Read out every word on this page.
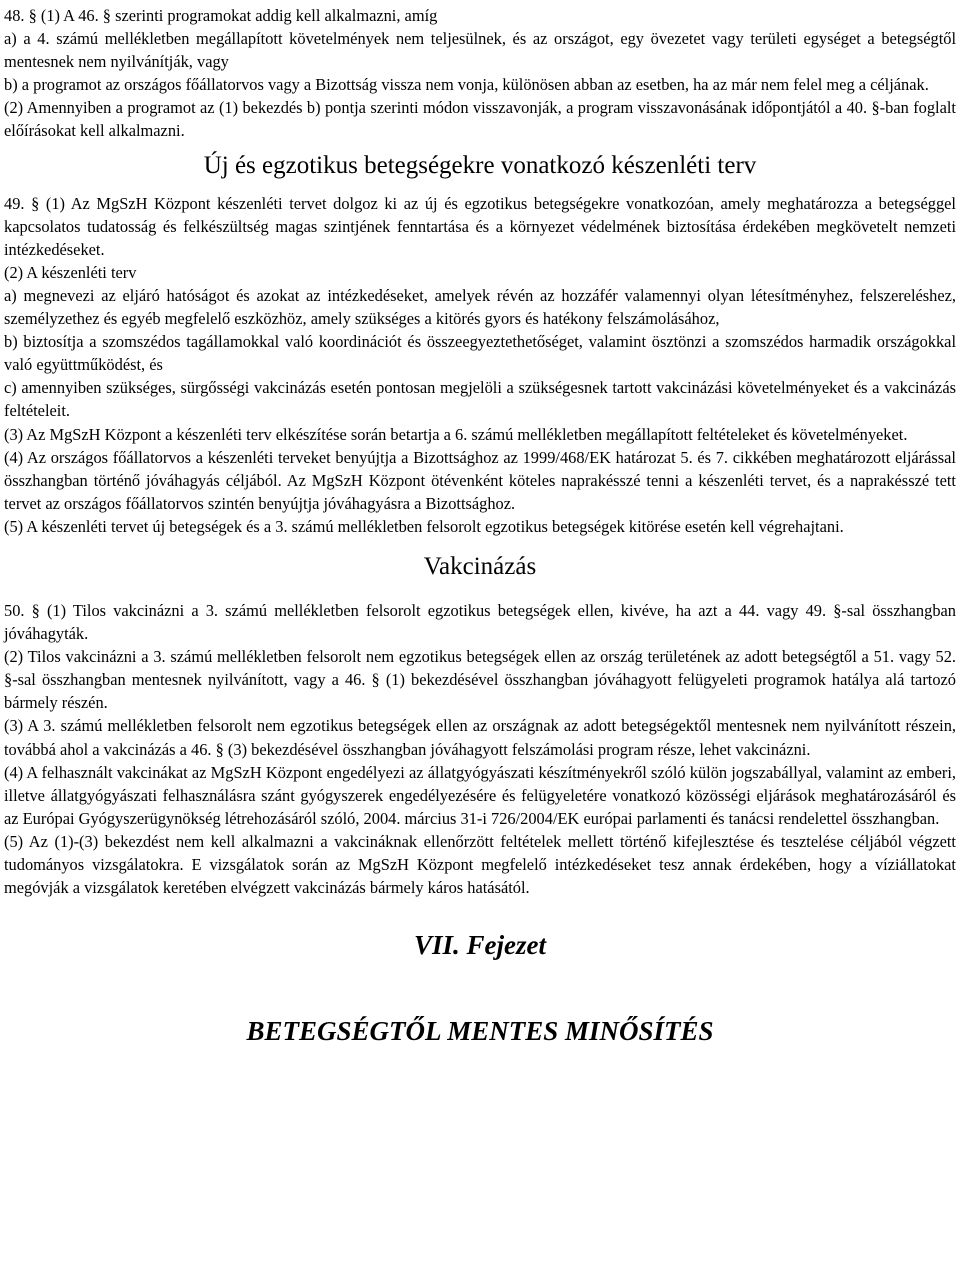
48. § (1) A 46. § szerinti programokat addig kell alkalmazni, amíg

a) a 4. számú mellékletben megállapított követelmények nem teljesülnek, és az országot, egy övezetet vagy területi egységet a betegségtől mentesnek nem nyilvánítják, vagy

b) a programot az országos főállatorvos vagy a Bizottság vissza nem vonja, különösen abban az esetben, ha az már nem felel meg a céljának.

(2) Amennyiben a programot az (1) bekezdés b) pontja szerinti módon visszavonják, a program visszavonásának időpontjától a 40. §-ban foglalt előírásokat kell alkalmazni.

Új és egzotikus betegségekre vonatkozó készenléti terv

49. § (1) Az MgSzH Központ készenléti tervet dolgoz ki az új és egzotikus betegségekre vonatkozóan, amely meghatározza a betegséggel kapcsolatos tudatosság és felkészültség magas szintjének fenntartása és a környezet védelmének biztosítása érdekében megkövetelt nemzeti intézkedéseket.

(2) A készenléti terv

a) megnevezi az eljáró hatóságot és azokat az intézkedéseket, amelyek révén az hozzáfér valamennyi olyan létesítményhez, felszereléshez, személyzethez és egyéb megfelelő eszközhöz, amely szükséges a kitörés gyors és hatékony felszámolásához,

b) biztosítja a szomszédos tagállamokkal való koordinációt és összeegyeztethetőséget, valamint ösztönzi a szomszédos harmadik országokkal való együttműködést, és

c) amennyiben szükséges, sürgősségi vakcinázás esetén pontosan megjelöli a szükségesnek tartott vakcinázási követelményeket és a vakcinázás feltételeit.

(3) Az MgSzH Központ a készenléti terv elkészítése során betartja a 6. számú mellékletben megállapított feltételeket és követelményeket.

(4) Az országos főállatorvos a készenléti terveket benyújtja a Bizottsághoz az 1999/468/EK határozat 5. és 7. cikkében meghatározott eljárással összhangban történő jóváhagyás céljából. Az MgSzH Központ ötévenként köteles naprakésszé tenni a készenléti tervet, és a naprakésszé tett tervet az országos főállatorvos szintén benyújtja jóváhagyásra a Bizottsághoz.

(5) A készenléti tervet új betegségek és a 3. számú mellékletben felsorolt egzotikus betegségek kitörése esetén kell végrehajtani.

Vakcinázás

50. § (1) Tilos vakcinázni a 3. számú mellékletben felsorolt egzotikus betegségek ellen, kivéve, ha azt a 44. vagy 49. §-sal összhangban jóváhagyták.

(2) Tilos vakcinázni a 3. számú mellékletben felsorolt nem egzotikus betegségek ellen az ország területének az adott betegségtől a 51. vagy 52. §-sal összhangban mentesnek nyilvánított, vagy a 46. § (1) bekezdésével összhangban jóváhagyott felügyeleti programok hatálya alá tartozó bármely részén.

(3) A 3. számú mellékletben felsorolt nem egzotikus betegségek ellen az országnak az adott betegségektől mentesnek nem nyilvánított részein, továbbá ahol a vakcinázás a 46. § (3) bekezdésével összhangban jóváhagyott felszámolási program része, lehet vakcinázni.

(4) A felhasznált vakcinákat az MgSzH Központ engedélyezi az állatgyógyászati készítményekről szóló külön jogszabállyal, valamint az emberi, illetve állatgyógyászati felhasználásra szánt gyógyszerek engedélyezésére és felügyeletére vonatkozó közösségi eljárások meghatározásáról és az Európai Gyógyszerügynökség létrehozásáról szóló, 2004. március 31-i 726/2004/EK európai parlamenti és tanácsi rendelettel összhangban.

(5) Az (1)-(3) bekezdést nem kell alkalmazni a vakcináknak ellenőrzött feltételek mellett történő kifejlesztése és tesztelése céljából végzett tudományos vizsgálatokra. E vizsgálatok során az MgSzH Központ megfelelő intézkedéseket tesz annak érdekében, hogy a víziállatokat megóvják a vizsgálatok keretében elvégzett vakcinázás bármely káros hatásától.

VII. Fejezet
BETEGSÉGTŐL MENTES MINŐSÍTÉS
